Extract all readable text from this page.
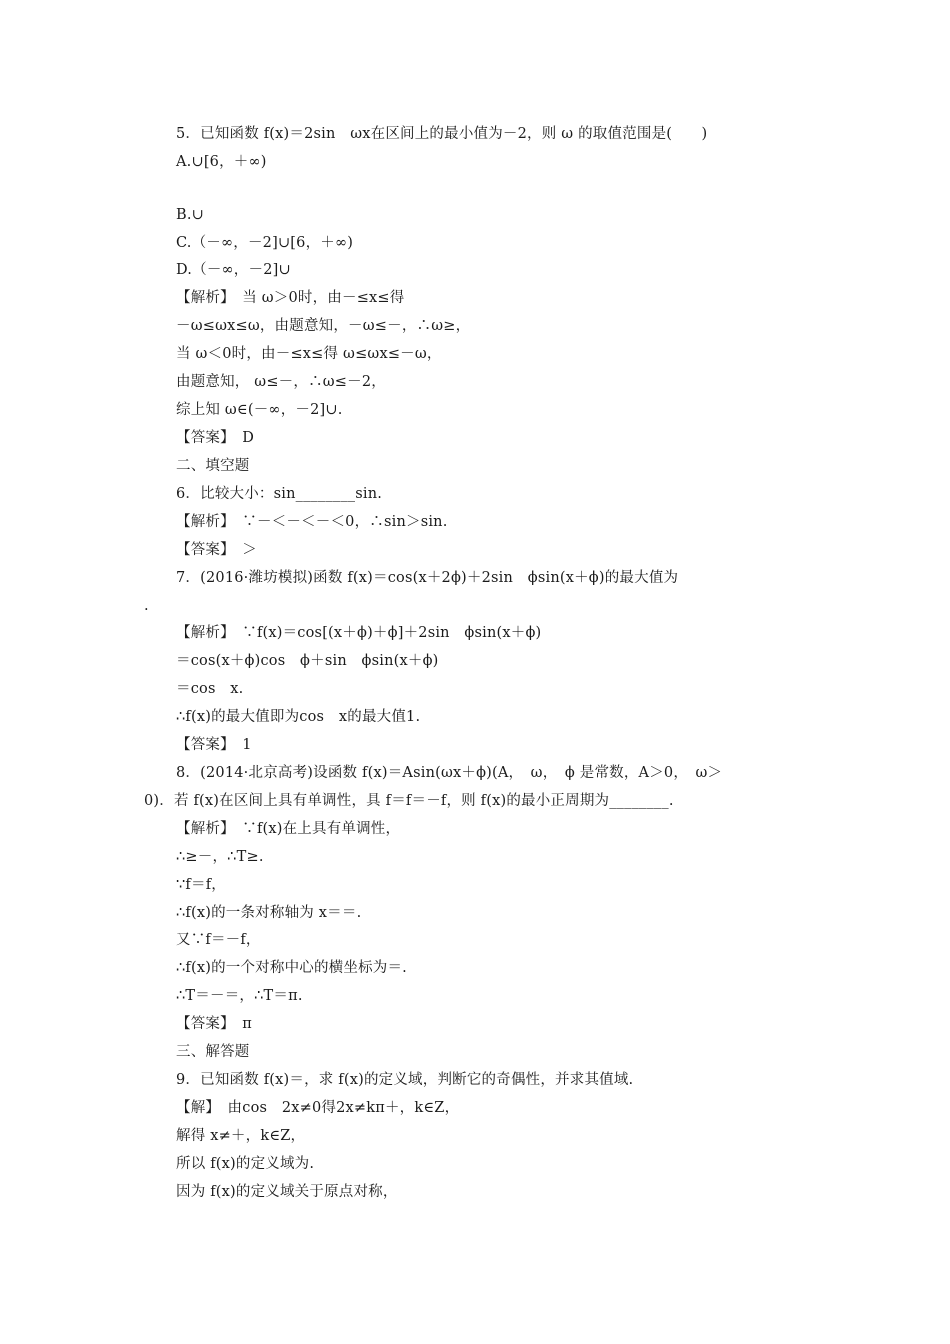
5．已知函数 f(x)＝2sin　ωx在区间上的最小值为－2，则 ω 的取值范围是(　　)
A.∪[6，＋∞)
B.∪
C.（－∞，－2]∪[6，＋∞)
D.（－∞，－2]∪
【解析】　当 ω＞0时，由－≤x≤得
－ω≤ωx≤ω，由题意知，－ω≤－，∴ω≥，
当 ω＜0时，由－≤x≤得 ω≤ωx≤－ω，
由题意知， ω≤－，∴ω≤－2，
综上知 ω∈(－∞，－2]∪.
【答案】　D
二、填空题
6．比较大小：sin________sin.
【解析】　∵－＜－＜－＜0，∴sin＞sin.
【答案】　＞
7．(2016·潍坊模拟)函数 f(x)＝cos(x＋2ϕ)＋2sin　ϕsin(x＋ϕ)的最大值为
.
【解析】　∵f(x)＝cos[(x＋ϕ)＋ϕ]＋2sin　ϕsin(x＋ϕ)
＝cos(x＋ϕ)cos　ϕ＋sin　ϕsin(x＋ϕ)
＝cos　x.
∴f(x)的最大值即为cos　x的最大值1.
【答案】　1
8．(2014·北京高考)设函数 f(x)＝Asin(ωx＋ϕ)(A，　ω，　ϕ 是常数，A＞0，　ω＞
0)．若 f(x)在区间上具有单调性，具 f＝f＝－f，则 f(x)的最小正周期为________.
【解析】　∵f(x)在上具有单调性，
∴≥－，∴T≥.
∵f＝f，
∴f(x)的一条对称轴为 x＝＝.
又∵f＝－f，
∴f(x)的一个对称中心的横坐标为＝.
∴T＝－＝，∴T＝π.
【答案】　π
三、解答题
9．已知函数 f(x)＝，求 f(x)的定义域，判断它的奇偶性，并求其值域.
【解】　由cos　2x≠0得2x≠kπ＋，k∈Z，
解得 x≠＋，k∈Z，
所以 f(x)的定义域为.
因为 f(x)的定义域关于原点对称，
